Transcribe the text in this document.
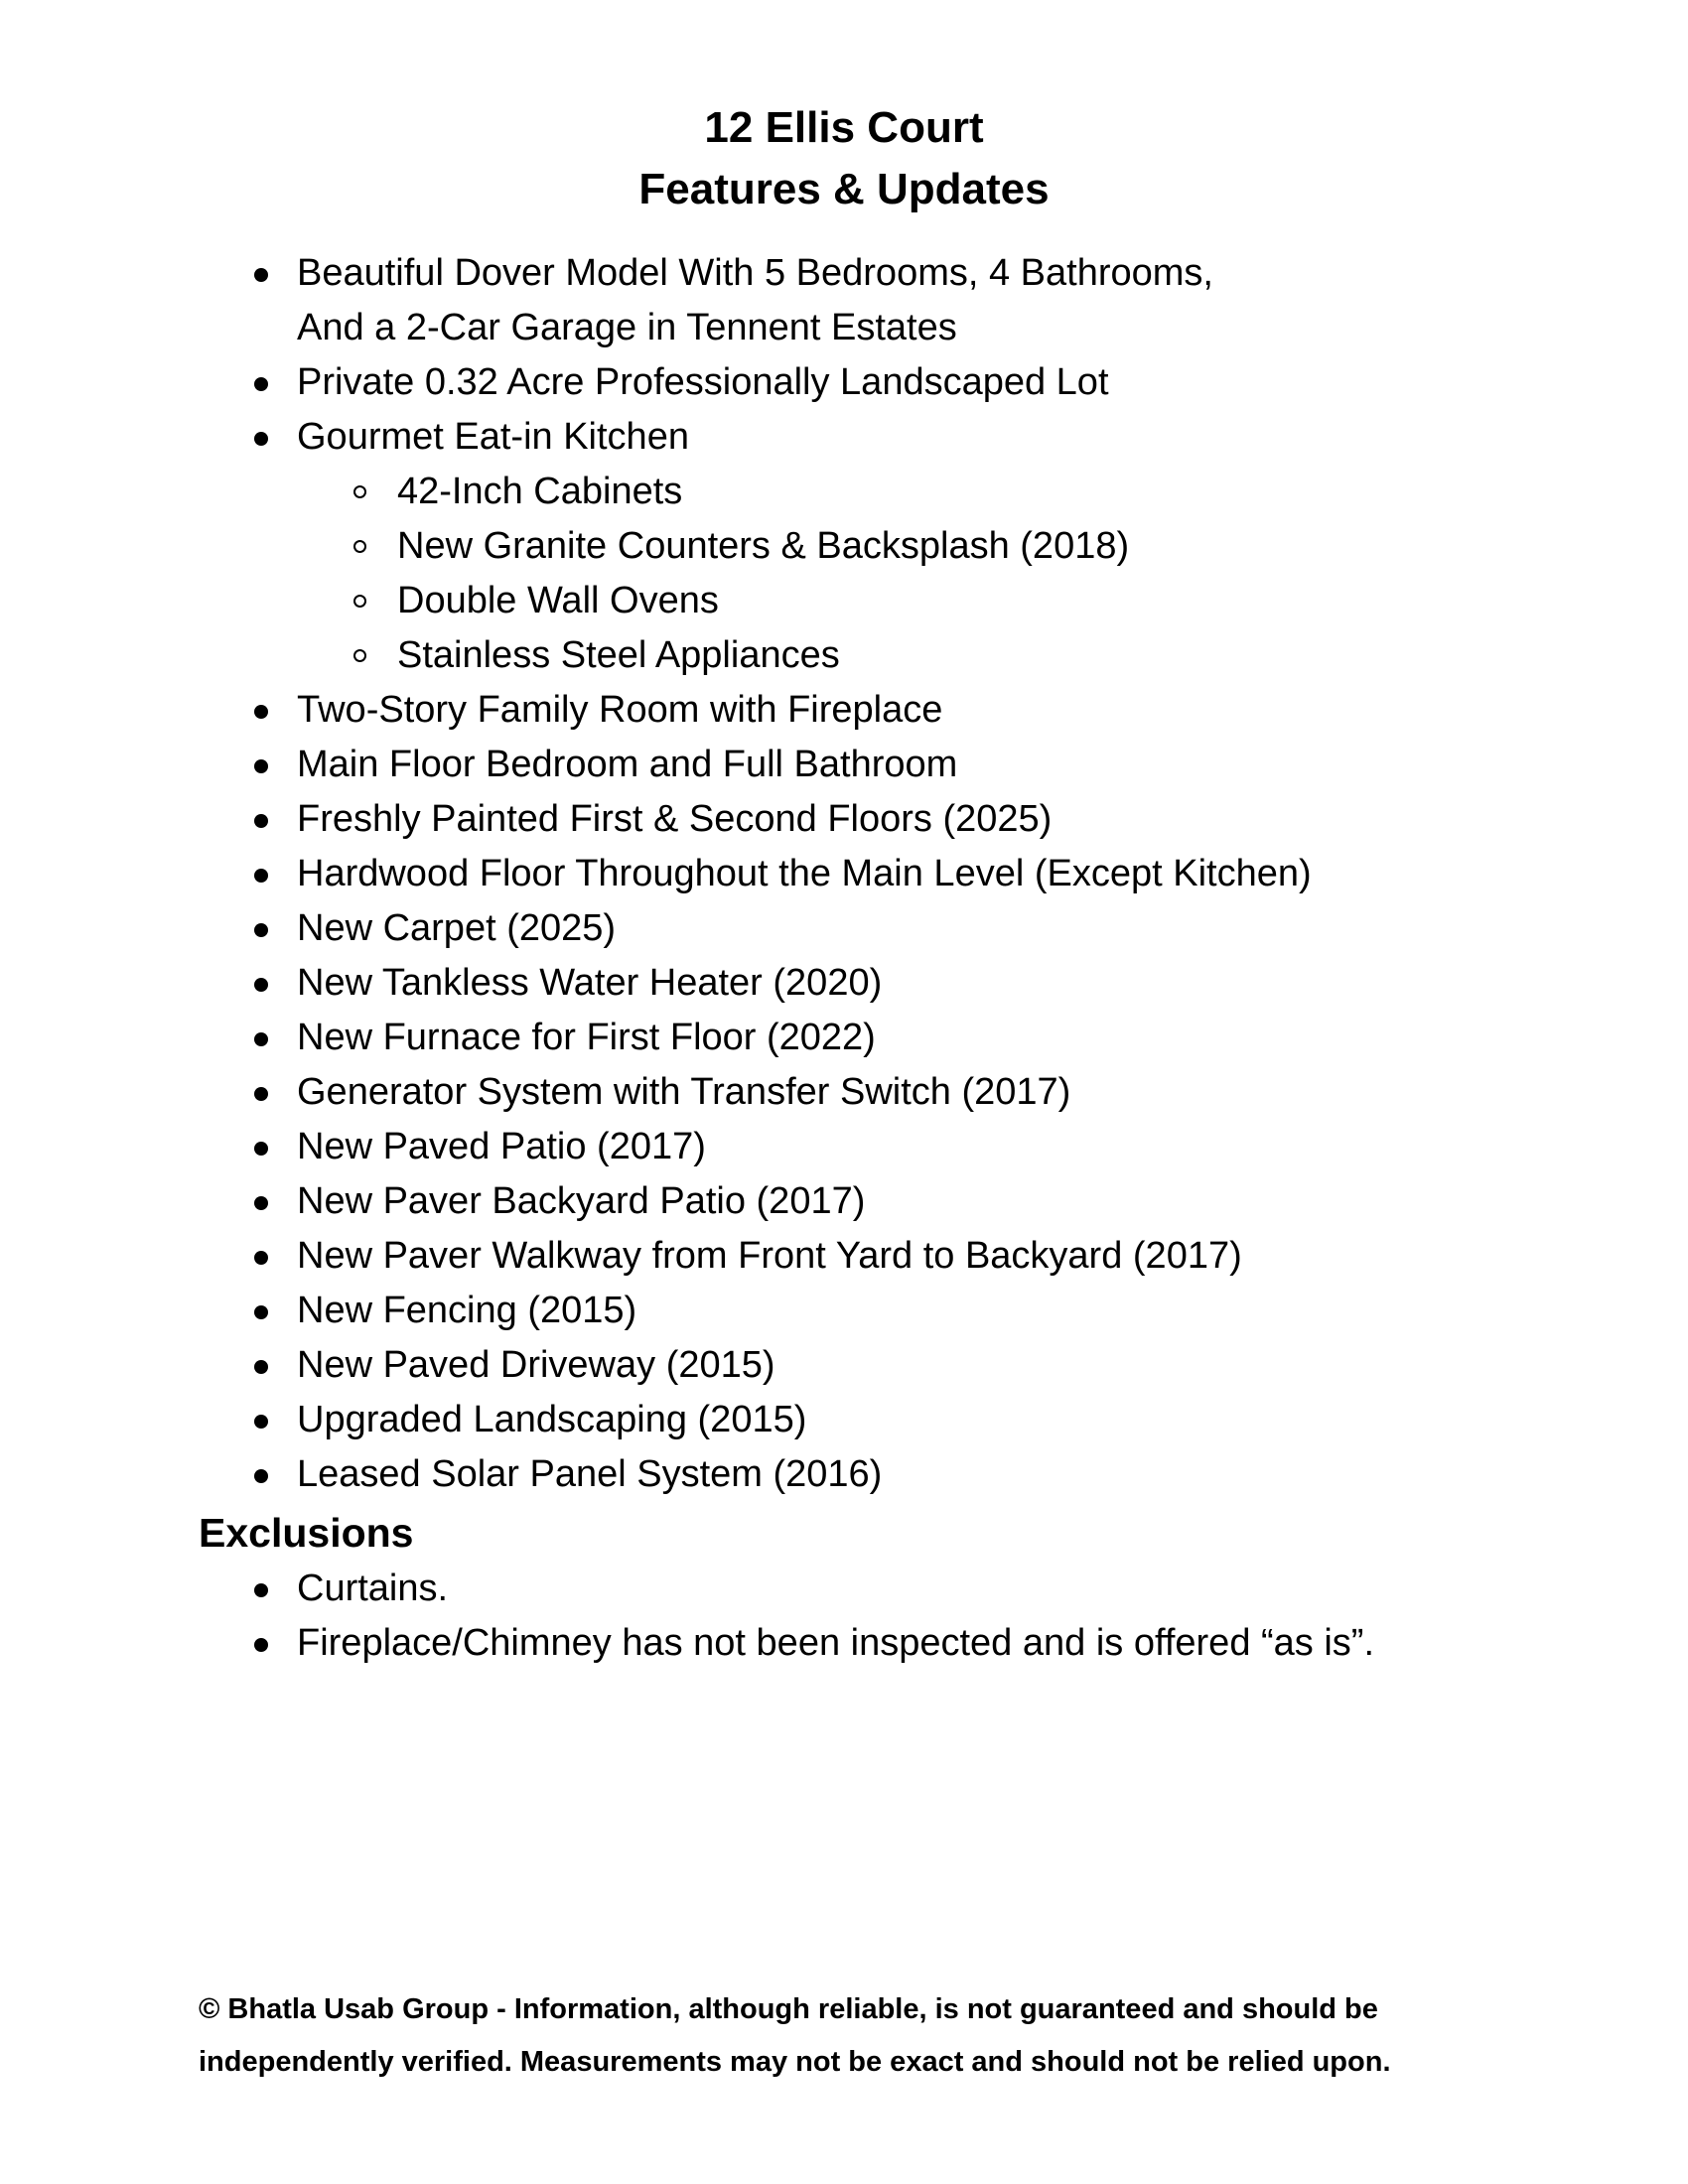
12 Ellis Court
Features & Updates
Beautiful Dover Model With 5 Bedrooms, 4 Bathrooms,
And a 2-Car Garage in Tennent Estates
Private 0.32 Acre Professionally Landscaped Lot
Gourmet Eat-in Kitchen
42-Inch Cabinets
New Granite Counters & Backsplash (2018)
Double Wall Ovens
Stainless Steel Appliances
Two-Story Family Room with Fireplace
Main Floor Bedroom and Full Bathroom
Freshly Painted First & Second Floors (2025)
Hardwood Floor Throughout the Main Level (Except Kitchen)
New Carpet (2025)
New Tankless Water Heater (2020)
New Furnace for First Floor (2022)
Generator System with Transfer Switch (2017)
New Paved Patio (2017)
New Paver Backyard Patio (2017)
New Paver Walkway from Front Yard to Backyard (2017)
New Fencing (2015)
New Paved Driveway (2015)
Upgraded Landscaping (2015)
Leased Solar Panel System (2016)
Exclusions
Curtains.
Fireplace/Chimney has not been inspected and is offered “as is”.
© Bhatla Usab Group - Information, although reliable, is not guaranteed and should be
independently verified. Measurements may not be exact and should not be relied upon.
